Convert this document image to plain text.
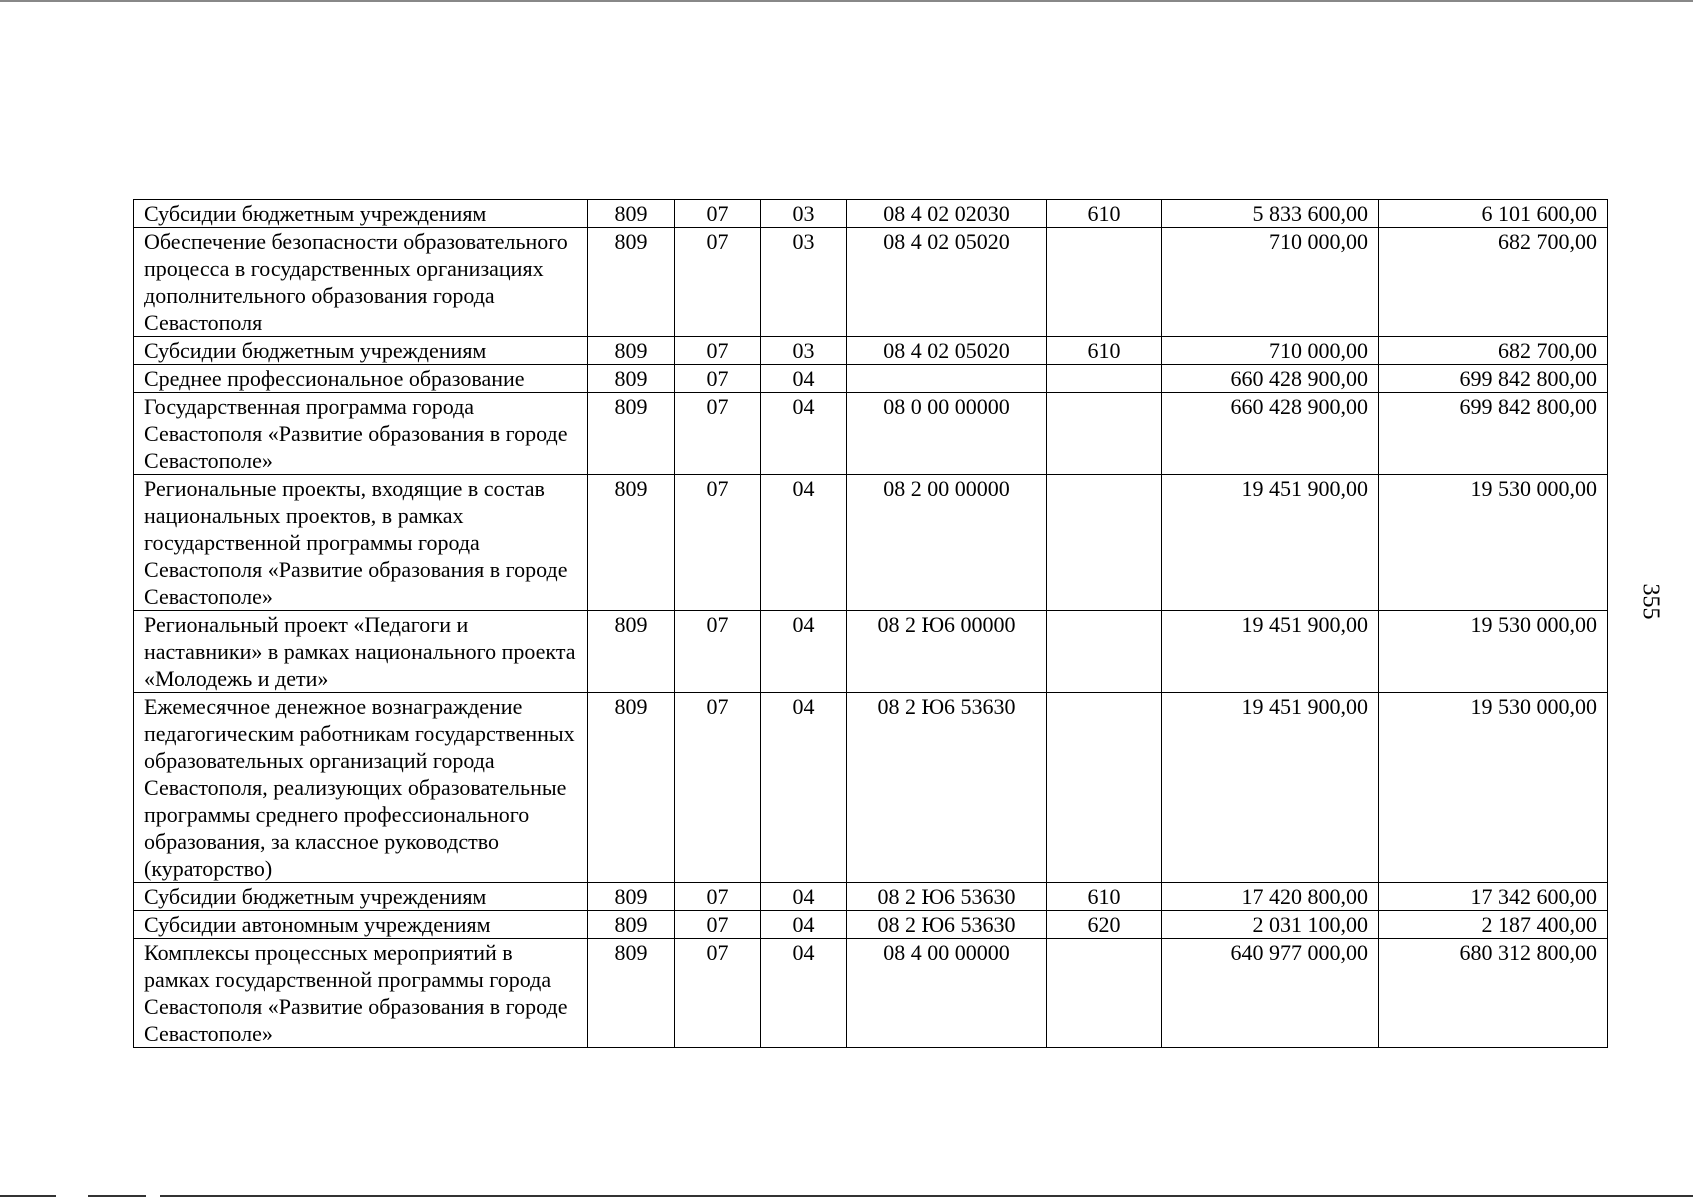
Субсидии бюджетным учреждениям	809	07	03	08 4 02 02030	610	5 833 600,00	6 101 600,00
Обеспечение безопасности образовательного процесса в государственных организациях дополнительного образования города Севастополя	809	07	03	08 4 02 05020		710 000,00	682 700,00
Субсидии бюджетным учреждениям	809	07	03	08 4 02 05020	610	710 000,00	682 700,00
Среднее профессиональное образование	809	07	04			660 428 900,00	699 842 800,00
Государственная программа города Севастополя «Развитие образования в городе Севастополе»	809	07	04	08 0 00 00000		660 428 900,00	699 842 800,00
Региональные проекты, входящие в состав национальных проектов, в рамках государственной программы города Севастополя «Развитие образования в городе Севастополе»	809	07	04	08 2 00 00000		19 451 900,00	19 530 000,00
Региональный проект «Педагоги и наставники» в рамках национального проекта «Молодежь и дети»	809	07	04	08 2 Ю6 00000		19 451 900,00	19 530 000,00
Ежемесячное денежное вознаграждение педагогическим работникам государственных образовательных организаций города Севастополя, реализующих образовательные программы среднего профессионального образования, за классное руководство (кураторство)	809	07	04	08 2 Ю6 53630		19 451 900,00	19 530 000,00
Субсидии бюджетным учреждениям	809	07	04	08 2 Ю6 53630	610	17 420 800,00	17 342 600,00
Субсидии автономным учреждениям	809	07	04	08 2 Ю6 53630	620	2 031 100,00	2 187 400,00
Комплексы процессных мероприятий в рамках государственной программы города Севастополя «Развитие образования в городе Севастополе»	809	07	04	08 4 00 00000		640 977 000,00	680 312 800,00
355
